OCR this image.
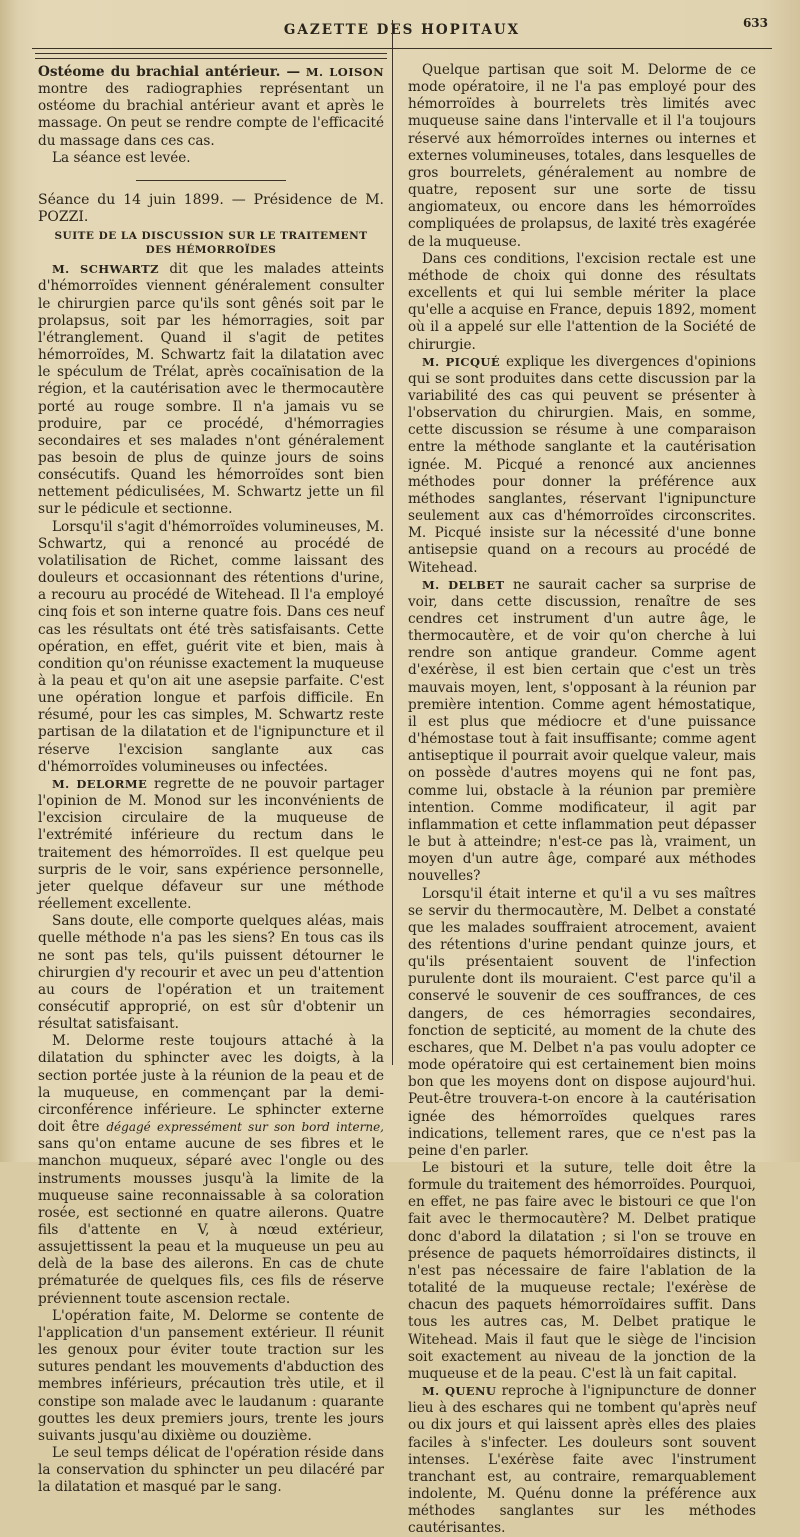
GAZETTE DES HOPITAUX	633

Ostéome du brachial antérieur. — M. LOISON montre des radiographies représentant un ostéome du brachial antérieur avant et après le massage. On peut se rendre compte de l'efficacité du massage dans ces cas.

La séance est levée.

Séance du 14 juin 1899. — Présidence de M. POZZI.

SUITE DE LA DISCUSSION SUR LE TRAITEMENT
DES HÉMORROÏDES

M. SCHWARTZ dit que les malades atteints d'hémorroïdes viennent généralement consulter le chirurgien parce qu'ils sont gênés soit par le prolapsus, soit par les hémorragies, soit par l'étranglement. Quand il s'agit de petites hémorroïdes, M. Schwartz fait la dilatation avec le spéculum de Trélat, après cocaïnisation de la région, et la cautérisation avec le thermocautère porté au rouge sombre. Il n'a jamais vu se produire, par ce procédé, d'hémorragies secondaires et ses malades n'ont généralement pas besoin de plus de quinze jours de soins consécutifs. Quand les hémorroïdes sont bien nettement pédiculisées, M. Schwartz jette un fil sur le pédicule et sectionne.

Lorsqu'il s'agit d'hémorroïdes volumineuses, M. Schwartz, qui a renoncé au procédé de volatilisation de Richet, comme laissant des douleurs et occasionnant des rétentions d'urine, a recouru au procédé de Witehead. Il l'a employé cinq fois et son interne quatre fois. Dans ces neuf cas les résultats ont été très satisfaisants. Cette opération, en effet, guérit vite et bien, mais à condition qu'on réunisse exactement la muqueuse à la peau et qu'on ait une asepsie parfaite. C'est une opération longue et parfois difficile. En résumé, pour les cas simples, M. Schwartz reste partisan de la dilatation et de l'ignipuncture et il réserve l'excision sanglante aux cas d'hémorroïdes volumineuses ou infectées.

M. DELORME regrette de ne pouvoir partager l'opinion de M. Monod sur les inconvénients de l'excision circulaire de la muqueuse de l'extrémité inférieure du rectum dans le traitement des hémorroïdes. Il est quelque peu surpris de le voir, sans expérience personnelle, jeter quelque défaveur sur une méthode réellement excellente.

Sans doute, elle comporte quelques aléas, mais quelle méthode n'a pas les siens? En tous cas ils ne sont pas tels, qu'ils puissent détourner le chirurgien d'y recourir et avec un peu d'attention au cours de l'opération et un traitement consécutif approprié, on est sûr d'obtenir un résultat satisfaisant.

M. Delorme reste toujours attaché à la dilatation du sphincter avec les doigts, à la section portée juste à la réunion de la peau et de la muqueuse, en commençant par la demi-circonférence inférieure. Le sphincter externe doit être dégagé expressément sur son bord interne, sans qu'on entame aucune de ses fibres et le manchon muqueux, séparé avec l'ongle ou des instruments mousses jusqu'à la limite de la muqueuse saine reconnaissable à sa coloration rosée, est sectionné en quatre ailerons. Quatre fils d'attente en V, à nœud extérieur, assujettissent la peau et la muqueuse un peu au delà de la base des ailerons. En cas de chute prématurée de quelques fils, ces fils de réserve préviennent toute ascension rectale.

L'opération faite, M. Delorme se contente de l'application d'un pansement extérieur. Il réunit les genoux pour éviter toute traction sur les sutures pendant les mouvements d'abduction des membres inférieurs, précaution très utile, et il constipe son malade avec le laudanum : quarante gouttes les deux premiers jours, trente les jours suivants jusqu'au dixième ou douzième.

Le seul temps délicat de l'opération réside dans la conservation du sphincter un peu dilacéré par la dilatation et masqué par le sang.

Quelque partisan que soit M. Delorme de ce mode opératoire, il ne l'a pas employé pour des hémorroïdes à bourrelets très limités avec muqueuse saine dans l'intervalle et il l'a toujours réservé aux hémorroïdes internes ou internes et externes volumineuses, totales, dans lesquelles de gros bourrelets, généralement au nombre de quatre, reposent sur une sorte de tissu angiomateux, ou encore dans les hémorroïdes compliquées de prolapsus, de laxité très exagérée de la muqueuse.

Dans ces conditions, l'excision rectale est une méthode de choix qui donne des résultats excellents et qui lui semble mériter la place qu'elle a acquise en France, depuis 1892, moment où il a appelé sur elle l'attention de la Société de chirurgie.

M. PICQUÉ explique les divergences d'opinions qui se sont produites dans cette discussion par la variabilité des cas qui peuvent se présenter à l'observation du chirurgien. Mais, en somme, cette discussion se résume à une comparaison entre la méthode sanglante et la cautérisation ignée. M. Picqué a renoncé aux anciennes méthodes pour donner la préférence aux méthodes sanglantes, réservant l'ignipuncture seulement aux cas d'hémorroïdes circonscrites. M. Picqué insiste sur la nécessité d'une bonne antisepsie quand on a recours au procédé de Witehead.

M. DELBET ne saurait cacher sa surprise de voir, dans cette discussion, renaître de ses cendres cet instrument d'un autre âge, le thermocautère, et de voir qu'on cherche à lui rendre son antique grandeur. Comme agent d'exérèse, il est bien certain que c'est un très mauvais moyen, lent, s'opposant à la réunion par première intention. Comme agent hémostatique, il est plus que médiocre et d'une puissance d'hémostase tout à fait insuffisante; comme agent antiseptique il pourrait avoir quelque valeur, mais on possède d'autres moyens qui ne font pas, comme lui, obstacle à la réunion par première intention. Comme modificateur, il agit par inflammation et cette inflammation peut dépasser le but à atteindre; n'est-ce pas là, vraiment, un moyen d'un autre âge, comparé aux méthodes nouvelles?

Lorsqu'il était interne et qu'il a vu ses maîtres se servir du thermocautère, M. Delbet a constaté que les malades souffraient atrocement, avaient des rétentions d'urine pendant quinze jours, et qu'ils présentaient souvent de l'infection purulente dont ils mouraient. C'est parce qu'il a conservé le souvenir de ces souffrances, de ces dangers, de ces hémorragies secondaires, fonction de septicité, au moment de la chute des eschares, que M. Delbet n'a pas voulu adopter ce mode opératoire qui est certainement bien moins bon que les moyens dont on dispose aujourd'hui. Peut-être trouvera-t-on encore à la cautérisation ignée des hémorroïdes quelques rares indications, tellement rares, que ce n'est pas la peine d'en parler.

Le bistouri et la suture, telle doit être la formule du traitement des hémorroïdes. Pourquoi, en effet, ne pas faire avec le bistouri ce que l'on fait avec le thermocautère? M. Delbet pratique donc d'abord la dilatation ; si l'on se trouve en présence de paquets hémorroïdaires distincts, il n'est pas nécessaire de faire l'ablation de la totalité de la muqueuse rectale; l'exérèse de chacun des paquets hémorroïdaires suffit. Dans tous les autres cas, M. Delbet pratique le Witehead. Mais il faut que le siège de l'incision soit exactement au niveau de la jonction de la muqueuse et de la peau. C'est là un fait capital.

M. QUENU reproche à l'ignipuncture de donner lieu à des eschares qui ne tombent qu'après neuf ou dix jours et qui laissent après elles des plaies faciles à s'infecter. Les douleurs sont souvent intenses. L'exérèse faite avec l'instrument tranchant est, au contraire, remarquablement indolente, M. Quénu donne la préférence aux méthodes sanglantes sur les méthodes cautérisantes.
